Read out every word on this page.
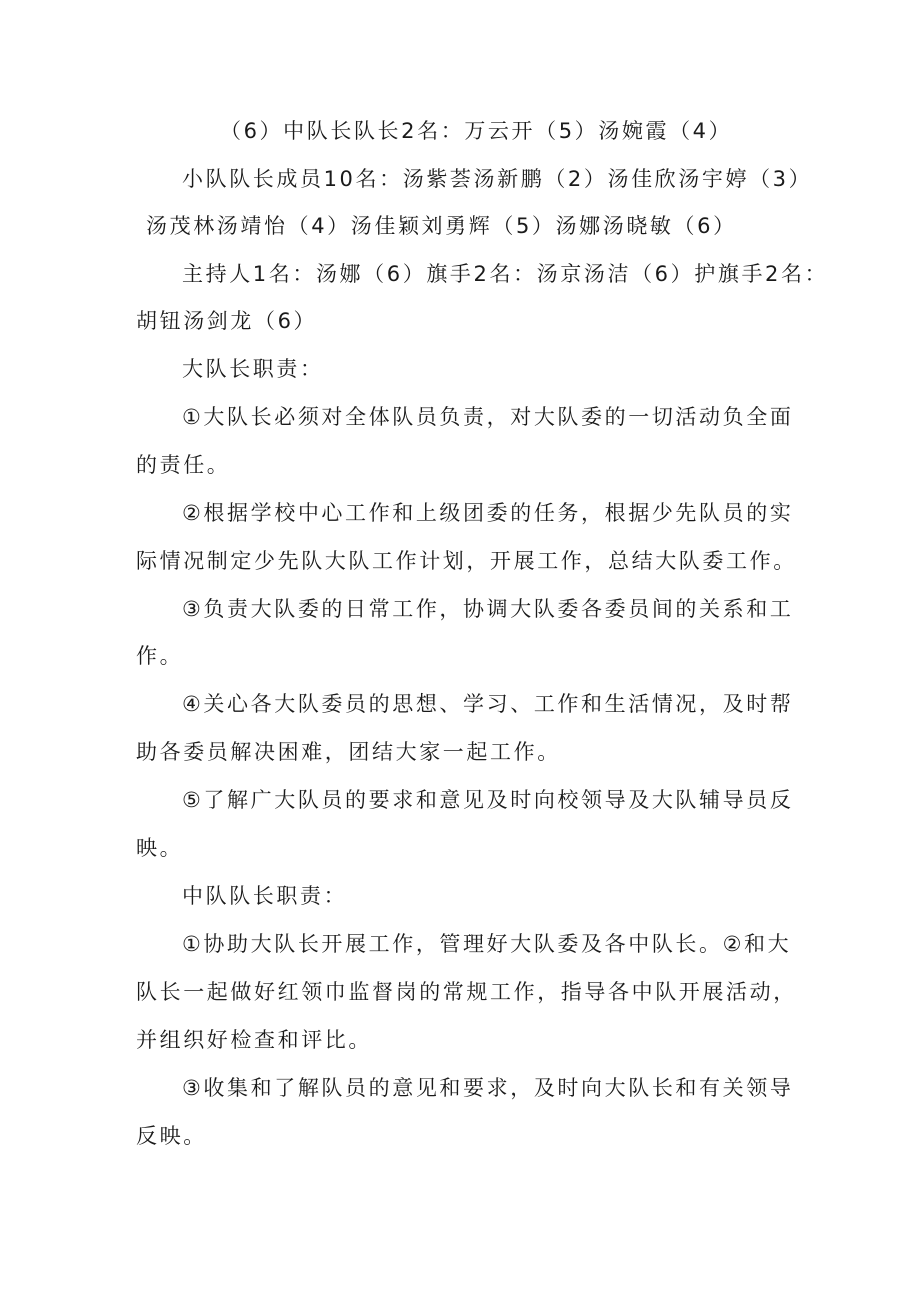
（6）中队长队长2名：万云开（5）汤婉霞（4）
小队队长成员10名：汤紫荟汤新鹏（2）汤佳欣汤宇婷（3）
汤茂林汤靖怡（4）汤佳颖刘勇辉（5）汤娜汤晓敏（6）
主持人1名：汤娜（6）旗手2名：汤京汤洁（6）护旗手2名：
胡钮汤剑龙（6）
大队长职责：
①大队长必须对全体队员负责，对大队委的一切活动负全面
的责任。
②根据学校中心工作和上级团委的任务，根据少先队员的实
际情况制定少先队大队工作计划，开展工作，总结大队委工作。
③负责大队委的日常工作，协调大队委各委员间的关系和工
作。
④关心各大队委员的思想、学习、工作和生活情况，及时帮
助各委员解决困难，团结大家一起工作。
⑤了解广大队员的要求和意见及时向校领导及大队辅导员反
映。
中队队长职责：
①协助大队长开展工作，管理好大队委及各中队长。②和大
队长一起做好红领巾监督岗的常规工作，指导各中队开展活动，
并组织好检查和评比。
③收集和了解队员的意见和要求，及时向大队长和有关领导
反映。
